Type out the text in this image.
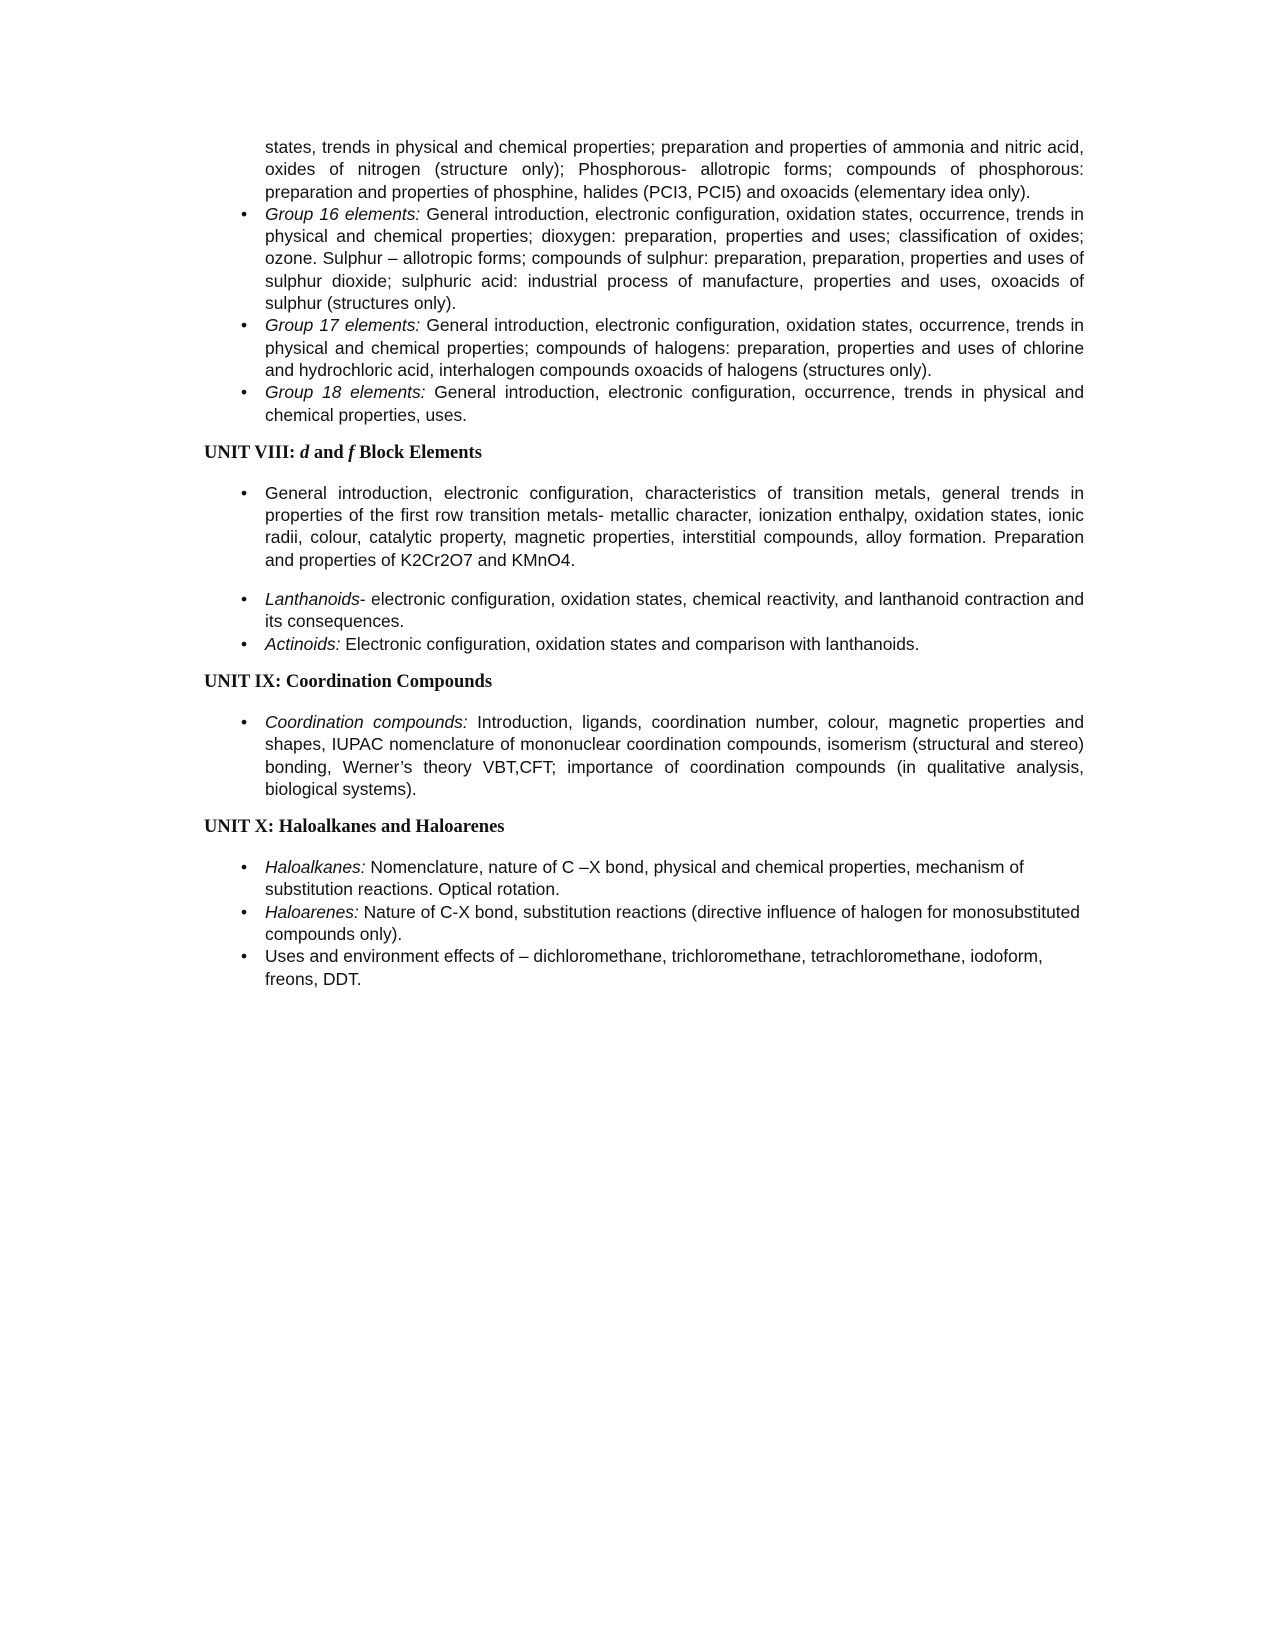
states, trends in physical and chemical properties; preparation and properties of ammonia and nitric acid, oxides of nitrogen (structure only); Phosphorous- allotropic forms; compounds of phosphorous: preparation and properties of phosphine, halides (PCI3, PCI5) and oxoacids (elementary idea only).
• Group 16 elements: General introduction, electronic configuration, oxidation states, occurrence, trends in physical and chemical properties; dioxygen: preparation, properties and uses; classification of oxides; ozone. Sulphur – allotropic forms; compounds of sulphur: preparation, preparation, properties and uses of sulphur dioxide; sulphuric acid: industrial process of manufacture, properties and uses, oxoacids of sulphur (structures only).
• Group 17 elements: General introduction, electronic configuration, oxidation states, occurrence, trends in physical and chemical properties; compounds of halogens: preparation, properties and uses of chlorine and hydrochloric acid, interhalogen compounds oxoacids of halogens (structures only).
• Group 18 elements: General introduction, electronic configuration, occurrence, trends in physical and chemical properties, uses.
UNIT VIII: d and f Block Elements
• General introduction, electronic configuration, characteristics of transition metals, general trends in properties of the first row transition metals- metallic character, ionization enthalpy, oxidation states, ionic radii, colour, catalytic property, magnetic properties, interstitial compounds, alloy formation. Preparation and properties of K2Cr2O7 and KMnO4.
• Lanthanoids- electronic configuration, oxidation states, chemical reactivity, and lanthanoid contraction and its consequences.
• Actinoids: Electronic configuration, oxidation states and comparison with lanthanoids.
UNIT IX: Coordination Compounds
• Coordination compounds: Introduction, ligands, coordination number, colour, magnetic properties and shapes, IUPAC nomenclature of mononuclear coordination compounds, isomerism (structural and stereo) bonding, Werner’s theory VBT,CFT; importance of coordination compounds (in qualitative analysis, biological systems).
UNIT X: Haloalkanes and Haloarenes
• Haloalkanes: Nomenclature, nature of C –X bond, physical and chemical properties, mechanism of substitution reactions. Optical rotation.
• Haloarenes: Nature of C-X bond, substitution reactions (directive influence of halogen for monosubstituted compounds only).
• Uses and environment effects of – dichloromethane, trichloromethane, tetrachloromethane, iodoform, freons, DDT.
